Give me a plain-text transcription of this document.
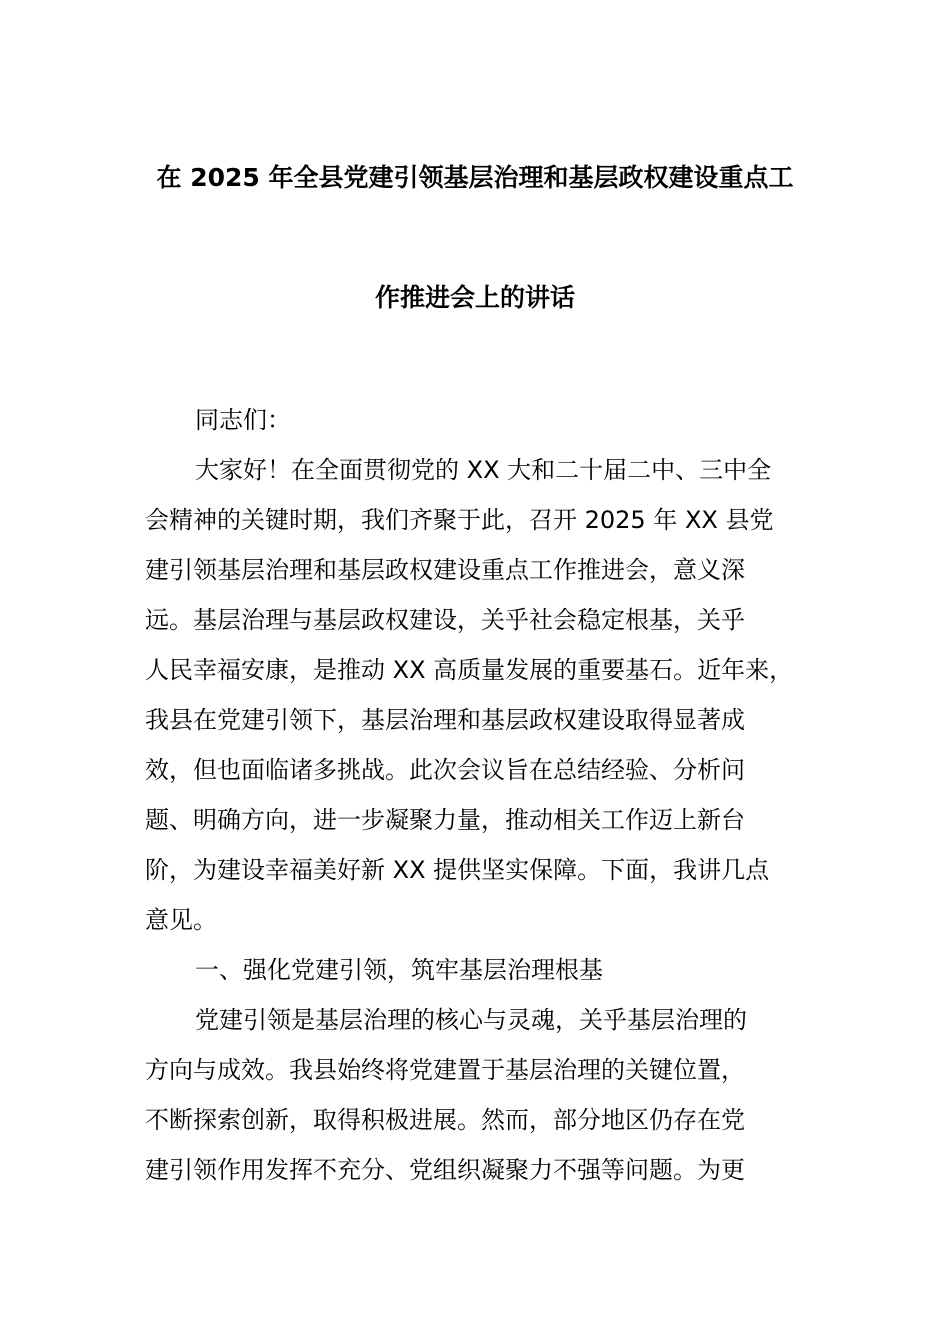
在 2025 年全县党建引领基层治理和基层政权建设重点工
作推进会上的讲话
同志们：
大家好！在全面贯彻党的 XX 大和二十届二中、三中全
会精神的关键时期，我们齐聚于此，召开 2025 年 XX 县党
建引领基层治理和基层政权建设重点工作推进会，意义深
远。基层治理与基层政权建设，关乎社会稳定根基，关乎
人民幸福安康，是推动 XX 高质量发展的重要基石。近年来，
我县在党建引领下，基层治理和基层政权建设取得显著成
效，但也面临诸多挑战。此次会议旨在总结经验、分析问
题、明确方向，进一步凝聚力量，推动相关工作迈上新台
阶，为建设幸福美好新 XX 提供坚实保障。下面，我讲几点
意见。
一、强化党建引领，筑牢基层治理根基
党建引领是基层治理的核心与灵魂，关乎基层治理的
方向与成效。我县始终将党建置于基层治理的关键位置，
不断探索创新，取得积极进展。然而，部分地区仍存在党
建引领作用发挥不充分、党组织凝聚力不强等问题。为更
